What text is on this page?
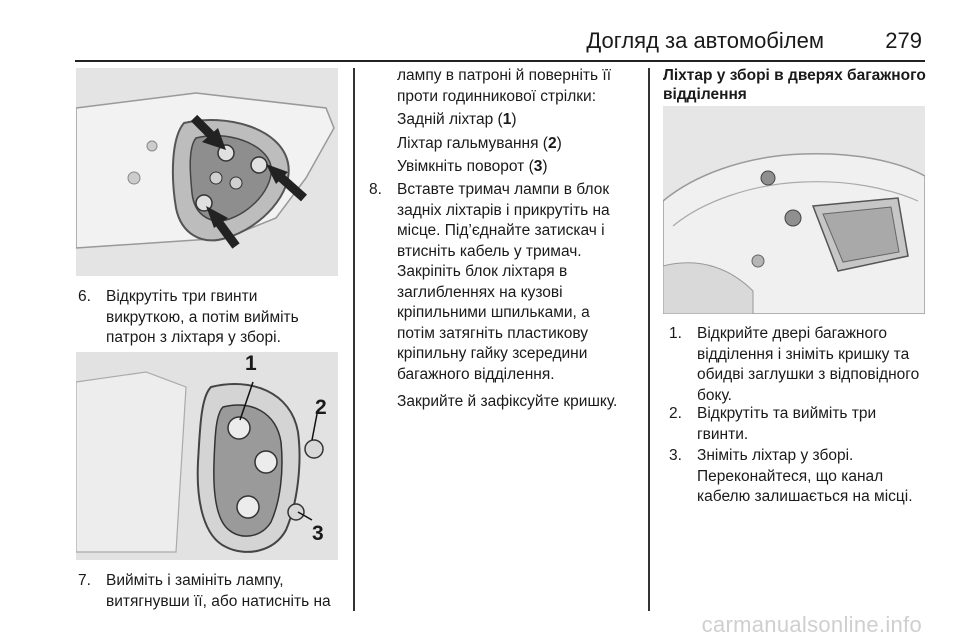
Догляд за автомобілем	279
6. Відкрутіть три гвинти
викруткою, а потім вийміть
патрон з ліхтаря у зборі.
1
2
3
7. Вийміть і замініть лампу,
витягнувши її, або натисніть на
лампу в патроні й поверніть її
проти годинникової стрілки:
Задній ліхтар (1)
Ліхтар гальмування (2)
Увімкніть поворот (3)
8. Вставте тримач лампи в блок
задніх ліхтарів і прикрутіть на
місце. Під’єднайте затискач і
втисніть кабель у тримач.
Закріпіть блок ліхтаря в
заглибленнях на кузові
кріпильними шпильками, а
потім затягніть пластикову
кріпильну гайку зсередини
багажного відділення.
Закрийте й зафіксуйте кришку.
Ліхтар у зборі в дверях багажного
відділення
1. Відкрийте двері багажного
відділення і зніміть кришку та
обидві заглушки з відповідного
боку.
2. Відкрутіть та вийміть три
гвинти.
3. Зніміть ліхтар у зборі.
Переконайтеся, що канал
кабелю залишається на місці.
carmanualsonline.info
